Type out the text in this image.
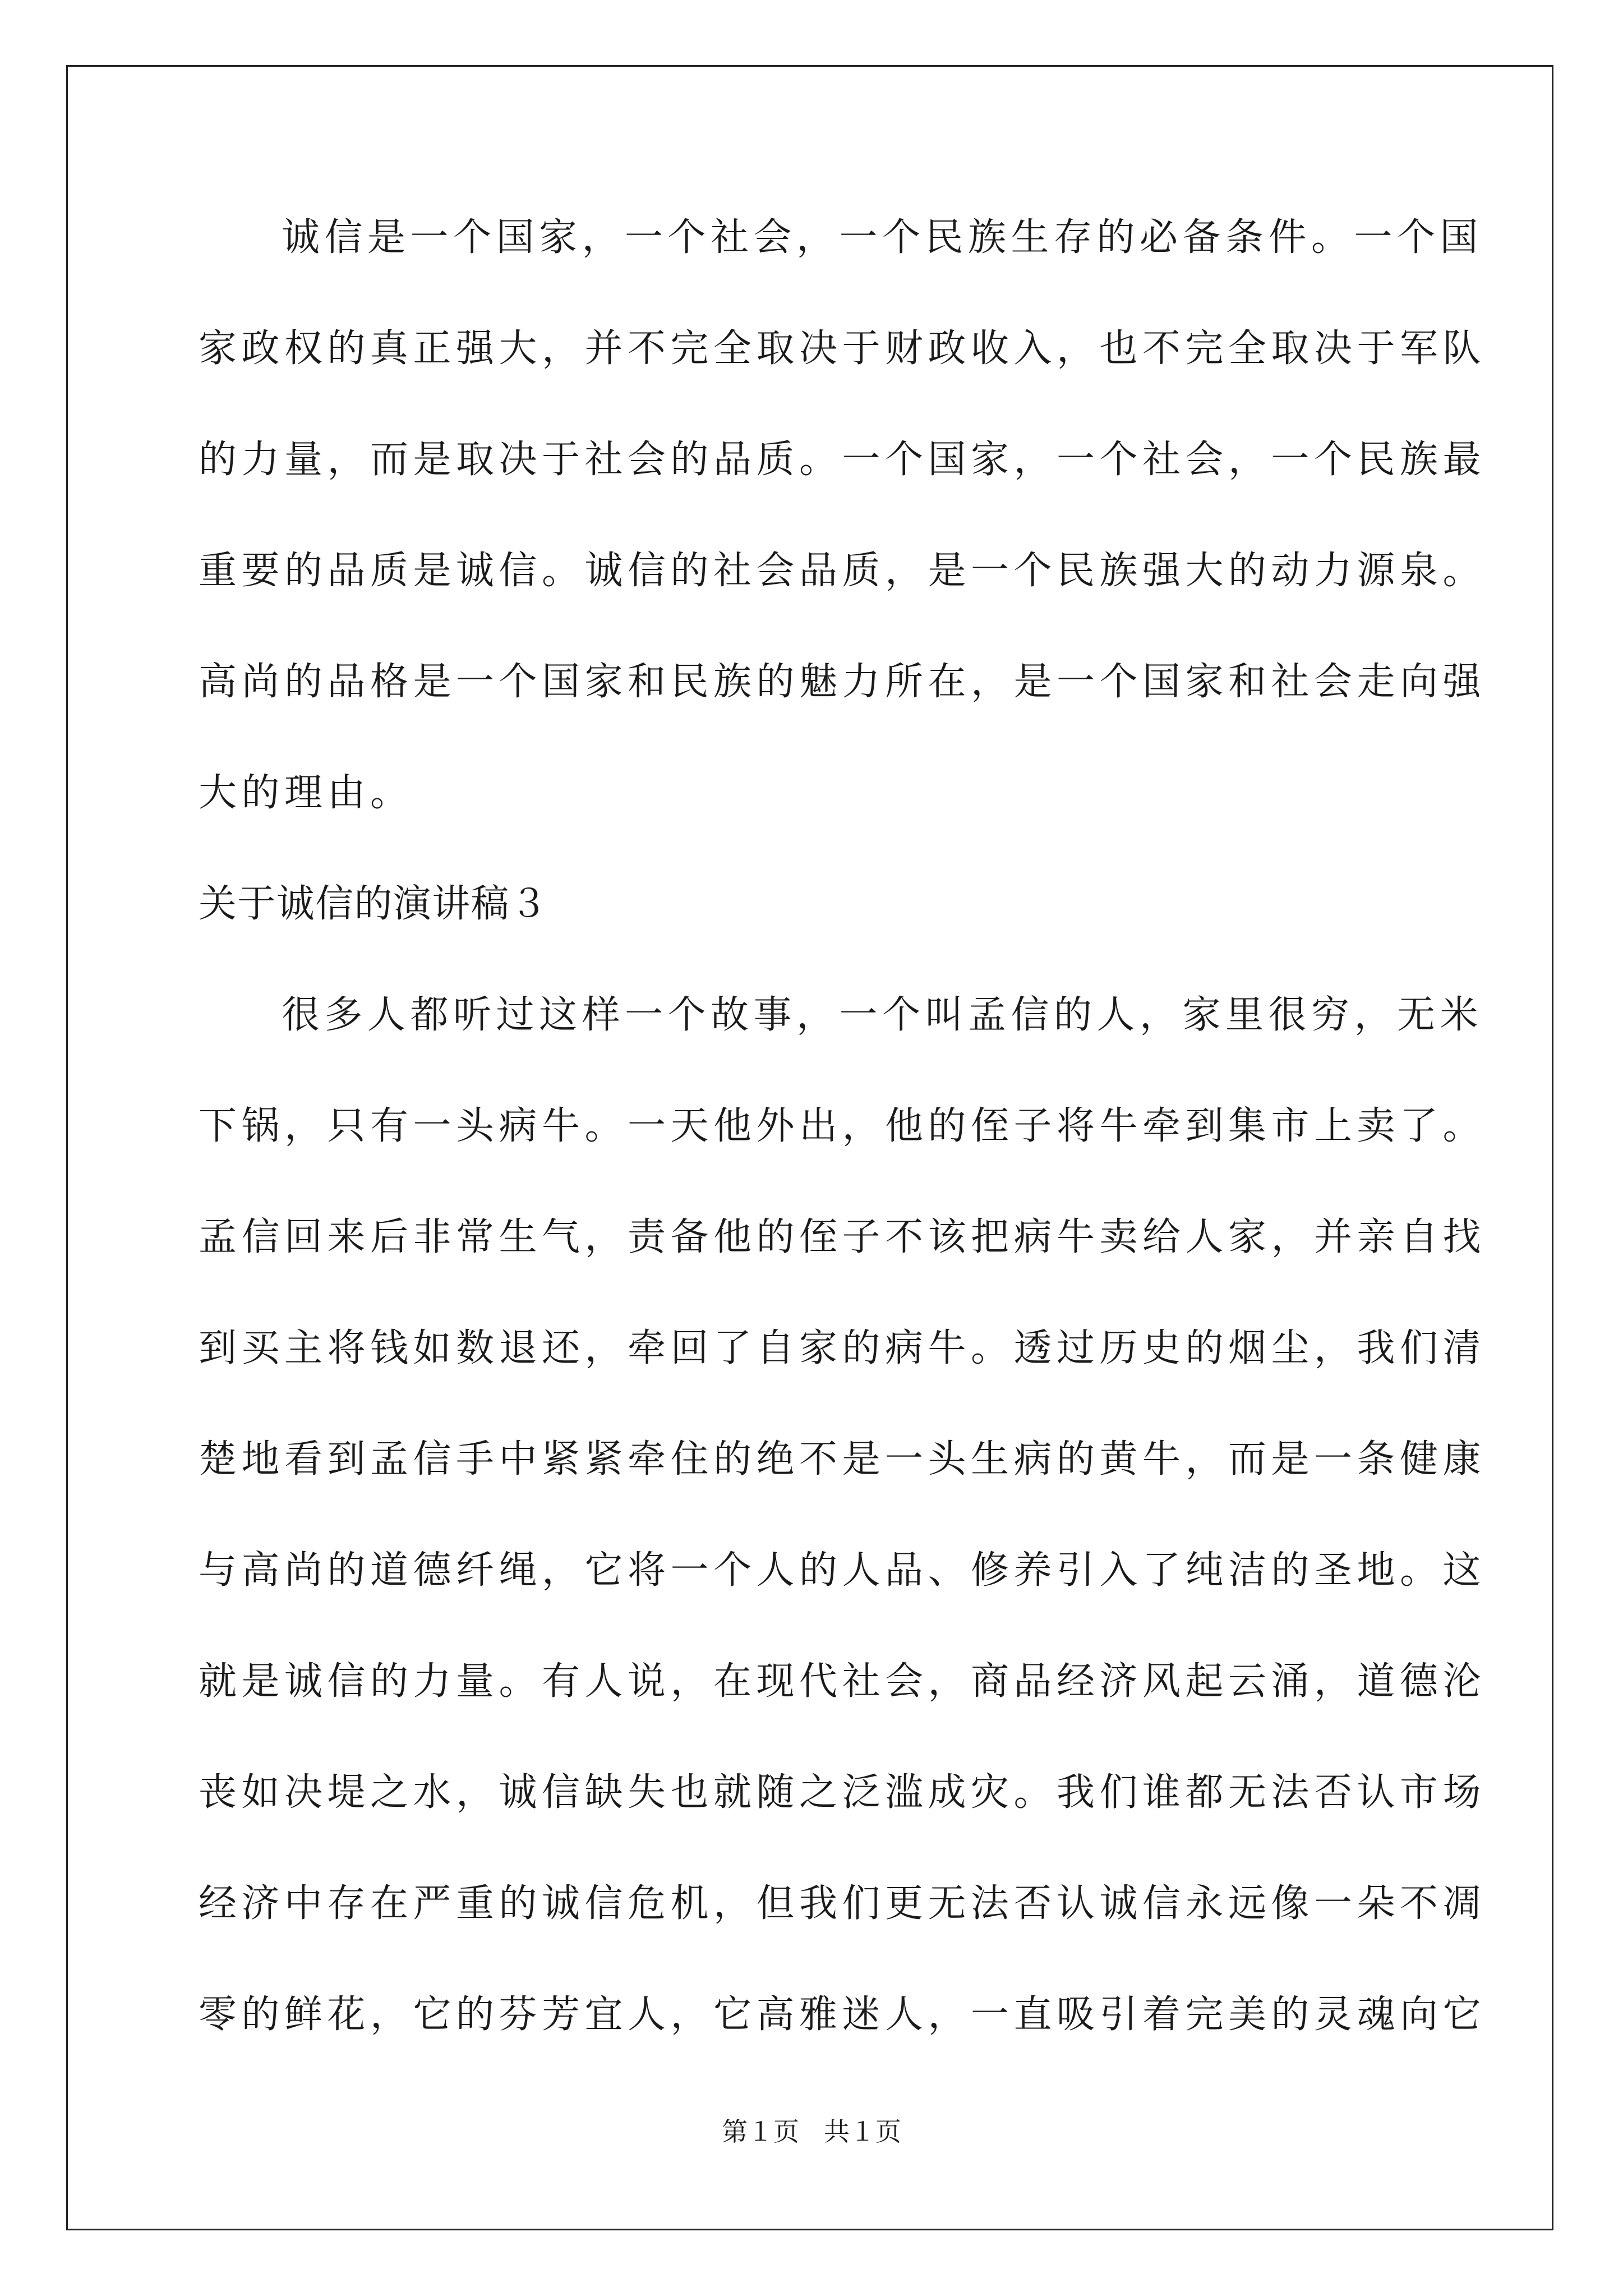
诚信是一个国家，一个社会，一个民族生存的必备条件。一个国
家政权的真正强大，并不完全取决于财政收入，也不完全取决于军队
的力量，而是取决于社会的品质。一个国家，一个社会，一个民族最
重要的品质是诚信。诚信的社会品质，是一个民族强大的动力源泉。
高尚的品格是一个国家和民族的魅力所在，是一个国家和社会走向强
大的理由。
关于诚信的演讲稿３
很多人都听过这样一个故事，一个叫孟信的人，家里很穷，无米
下锅，只有一头病牛。一天他外出，他的侄子将牛牵到集市上卖了。
孟信回来后非常生气，责备他的侄子不该把病牛卖给人家，并亲自找
到买主将钱如数退还，牵回了自家的病牛。透过历史的烟尘，我们清
楚地看到孟信手中紧紧牵住的绝不是一头生病的黄牛，而是一条健康
与高尚的道德纤绳，它将一个人的人品、修养引入了纯洁的圣地。这
就是诚信的力量。有人说，在现代社会，商品经济风起云涌，道德沦
丧如决堤之水，诚信缺失也就随之泛滥成灾。我们谁都无法否认市场
经济中存在严重的诚信危机，但我们更无法否认诚信永远像一朵不凋
零的鲜花，它的芬芳宜人，它高雅迷人，一直吸引着完美的灵魂向它
第１页 共１页
